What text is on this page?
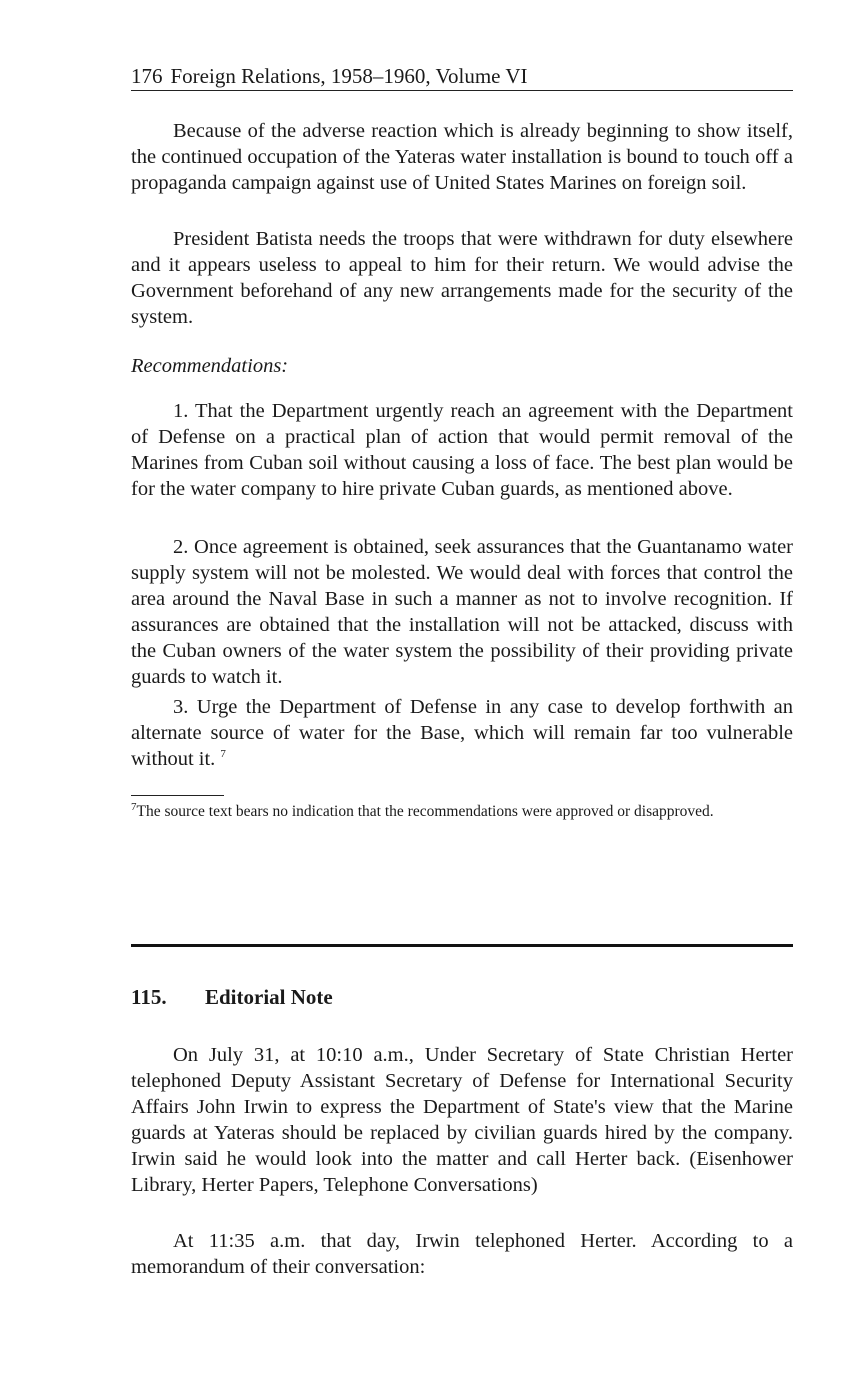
176 Foreign Relations, 1958–1960, Volume VI

Because of the adverse reaction which is already beginning to show itself, the continued occupation of the Yateras water installation is bound to touch off a propaganda campaign against use of United States Marines on foreign soil.

President Batista needs the troops that were withdrawn for duty elsewhere and it appears useless to appeal to him for their return. We would advise the Government beforehand of any new arrangements made for the security of the system.

Recommendations:

1. That the Department urgently reach an agreement with the Department of Defense on a practical plan of action that would permit removal of the Marines from Cuban soil without causing a loss of face. The best plan would be for the water company to hire private Cuban guards, as mentioned above.

2. Once agreement is obtained, seek assurances that the Guantanamo water supply system will not be molested. We would deal with forces that control the area around the Naval Base in such a manner as not to involve recognition. If assurances are obtained that the installation will not be attacked, discuss with the Cuban owners of the water system the possibility of their providing private guards to watch it.

3. Urge the Department of Defense in any case to develop forthwith an alternate source of water for the Base, which will remain far too vulnerable without it. $^7$

$^7$The source text bears no indication that the recommendations were approved or disapproved.

115. Editorial Note

On July 31, at 10:10 a.m., Under Secretary of State Christian Herter telephoned Deputy Assistant Secretary of Defense for International Security Affairs John Irwin to express the Department of State's view that the Marine guards at Yateras should be replaced by civilian guards hired by the company. Irwin said he would look into the matter and call Herter back. (Eisenhower Library, Herter Papers, Telephone Conversations)

At 11:35 a.m. that day, Irwin telephoned Herter. According to a memorandum of their conversation:
